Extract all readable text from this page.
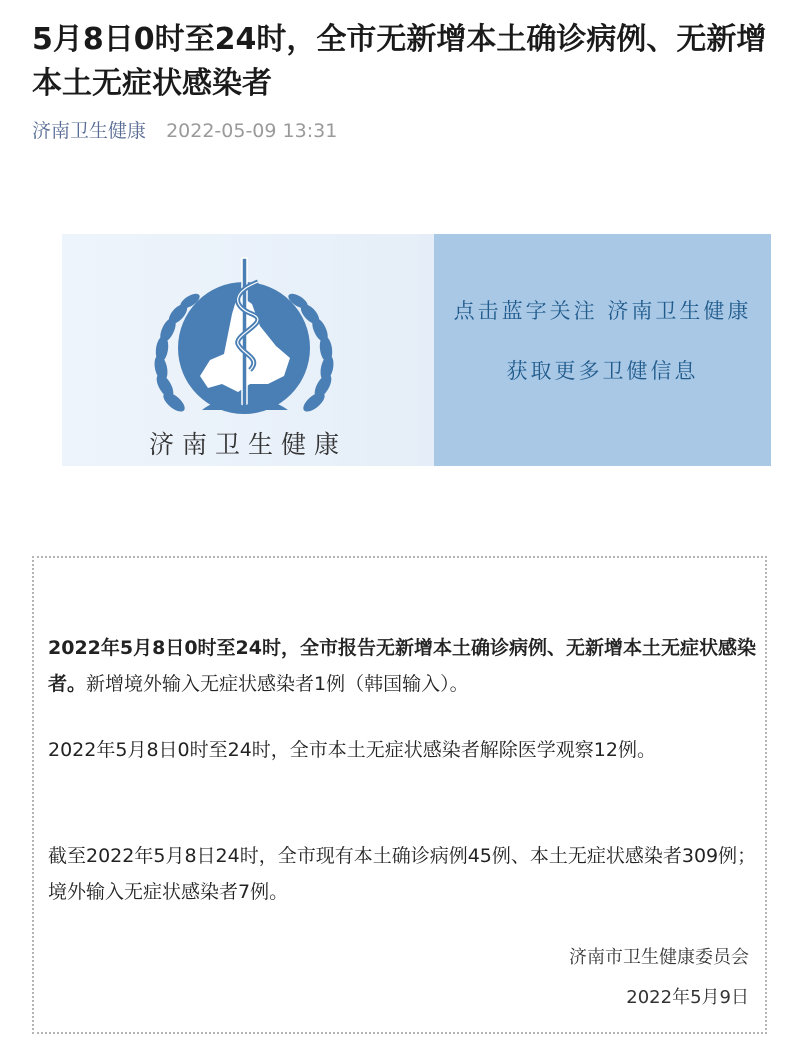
5月8日0时至24时，全市无新增本土确诊病例、无新增本土无症状感染者
济南卫生健康 2022-05-09 13:31
济南卫生健康
点击蓝字关注 济南卫生健康
获取更多卫健信息

2022年5月8日0时至24时，全市报告无新增本土确诊病例、无新增本土无症状感染者。新增境外输入无症状感染者1例（韩国输入）。

2022年5月8日0时至24时，全市本土无症状感染者解除医学观察12例。

截至2022年5月8日24时，全市现有本土确诊病例45例、本土无症状感染者309例；境外输入无症状感染者7例。

济南市卫生健康委员会
2022年5月9日
